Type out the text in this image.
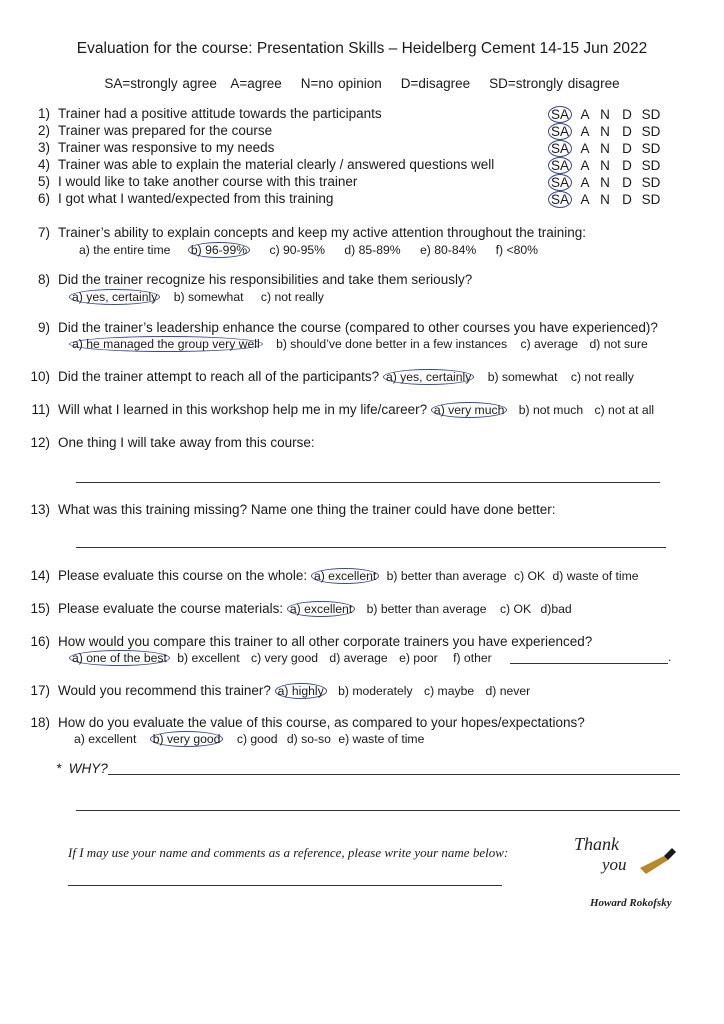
Evaluation for the course: Presentation Skills – Heidelberg Cement 14-15 Jun 2022
SA=strongly agree   A=agree    N=no opinion    D=disagree    SD=strongly disagree
1) Trainer had a positive attitude towards the participants
2) Trainer was prepared for the course
3) Trainer was responsive to my needs
4) Trainer was able to explain the material clearly / answered questions well
5) I would like to take another course with this trainer
6) I got what I wanted/expected from this training
SA A N D SD
SA A N D SD
SA A N D SD
SA A N D SD
SA A N D SD
SA A N D SD
7) Trainer’s ability to explain concepts and keep my active attention throughout the training:
a) the entire time b) 96-99% c) 90-95% d) 85-89% e) 80-84% f) <80%
8) Did the trainer recognize his responsibilities and take them seriously?
a) yes, certainly b) somewhat c) not really
9) Did the trainer’s leadership enhance the course (compared to other courses you have experienced)?
a) he managed the group very well b) should’ve done better in a few instances c) average d) not sure
10) Did the trainer attempt to reach all of the participants? a) yes, certainly b) somewhat c) not really
11) Will what I learned in this workshop help me in my life/career? a) very much b) not much c) not at all
12) One thing I will take away from this course:
13) What was this training missing? Name one thing the trainer could have done better:
14) Please evaluate this course on the whole: a) excellent b) better than average c) OK d) waste of time
15) Please evaluate the course materials: a) excellent b) better than average c) OK d)bad
16) How would you compare this trainer to all other corporate trainers you have experienced?
a) one of the best b) excellent c) very good d) average e) poor f) other	.
17) Would you recommend this trainer? a) highly b) moderately c) maybe d) never
18) How do you evaluate the value of this course, as compared to your hopes/expectations?
a) excellent b) very good c) good d) so-so e) waste of time
*  WHY?
If I may use your name and comments as a reference, please write your name below:	Thank
you
Howard Rokofsky
